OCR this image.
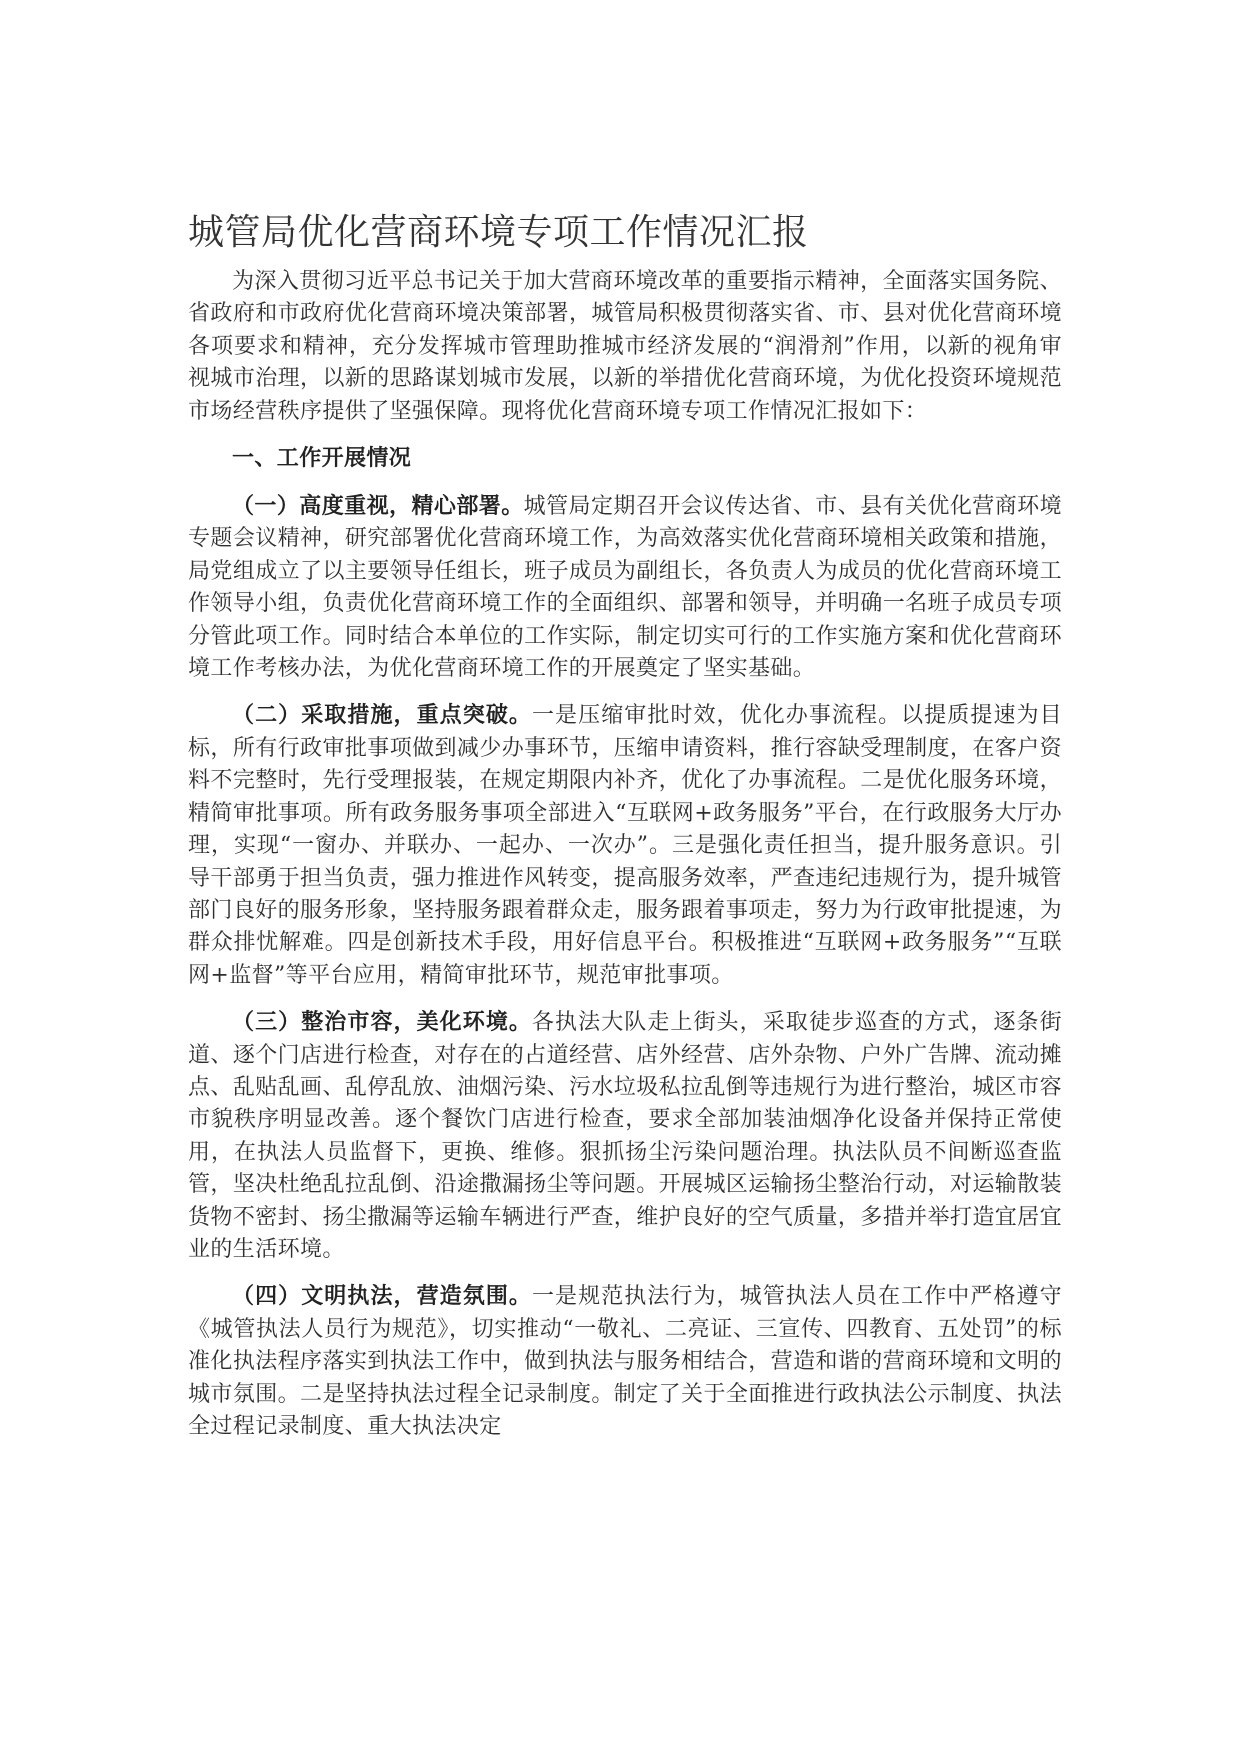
城管局优化营商环境专项工作情况汇报

为深入贯彻习近平总书记关于加大营商环境改革的重要指示精神，全面落实国务院、省政府和市政府优化营商环境决策部署，城管局积极贯彻落实省、市、县对优化营商环境各项要求和精神，充分发挥城市管理助推城市经济发展的“润滑剂”作用，以新的视角审视城市治理，以新的思路谋划城市发展，以新的举措优化营商环境，为优化投资环境规范市场经营秩序提供了坚强保障。现将优化营商环境专项工作情况汇报如下：

一、工作开展情况

（一）高度重视，精心部署。城管局定期召开会议传达省、市、县有关优化营商环境专题会议精神，研究部署优化营商环境工作，为高效落实优化营商环境相关政策和措施，局党组成立了以主要领导任组长，班子成员为副组长，各负责人为成员的优化营商环境工作领导小组，负责优化营商环境工作的全面组织、部署和领导，并明确一名班子成员专项分管此项工作。同时结合本单位的工作实际，制定切实可行的工作实施方案和优化营商环境工作考核办法，为优化营商环境工作的开展奠定了坚实基础。

（二）采取措施，重点突破。一是压缩审批时效，优化办事流程。以提质提速为目标，所有行政审批事项做到减少办事环节，压缩申请资料，推行容缺受理制度，在客户资料不完整时，先行受理报装，在规定期限内补齐，优化了办事流程。二是优化服务环境，精简审批事项。所有政务服务事项全部进入“互联网+政务服务”平台，在行政服务大厅办理，实现“一窗办、并联办、一起办、一次办”。三是强化责任担当，提升服务意识。引导干部勇于担当负责，强力推进作风转变，提高服务效率，严查违纪违规行为，提升城管部门良好的服务形象，坚持服务跟着群众走，服务跟着事项走，努力为行政审批提速，为群众排忧解难。四是创新技术手段，用好信息平台。积极推进“互联网+政务服务”“互联网+监督”等平台应用，精简审批环节，规范审批事项。

（三）整治市容，美化环境。各执法大队走上街头，采取徒步巡查的方式，逐条街道、逐个门店进行检查，对存在的占道经营、店外经营、店外杂物、户外广告牌、流动摊点、乱贴乱画、乱停乱放、油烟污染、污水垃圾私拉乱倒等违规行为进行整治，城区市容市貌秩序明显改善。逐个餐饮门店进行检查，要求全部加装油烟净化设备并保持正常使用，在执法人员监督下，更换、维修。狠抓扬尘污染问题治理。执法队员不间断巡查监管，坚决杜绝乱拉乱倒、沿途撒漏扬尘等问题。开展城区运输扬尘整治行动，对运输散装货物不密封、扬尘撒漏等运输车辆进行严查，维护良好的空气质量，多措并举打造宜居宜业的生活环境。

（四）文明执法，营造氛围。一是规范执法行为，城管执法人员在工作中严格遵守《城管执法人员行为规范》，切实推动“一敬礼、二亮证、三宣传、四教育、五处罚”的标准化执法程序落实到执法工作中，做到执法与服务相结合，营造和谐的营商环境和文明的城市氛围。二是坚持执法过程全记录制度。制定了关于全面推进行政执法公示制度、执法全过程记录制度、重大执法决定
